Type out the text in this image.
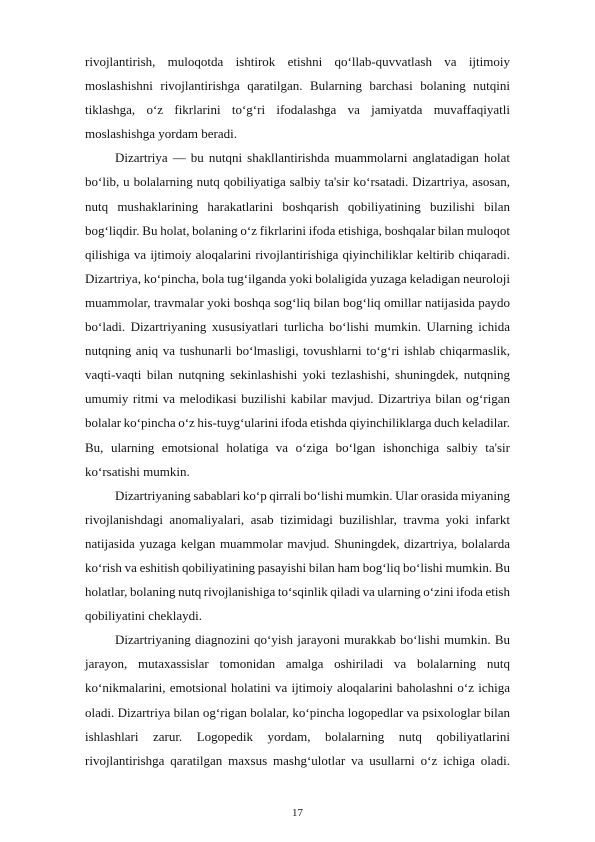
rivojlantirish, muloqotda ishtirok etishni qo‘llab-quvvatlash va ijtimoiy
moslashishni rivojlantirishga qaratilgan. Bularning barchasi bolaning nutqini
tiklashga, o‘z fikrlarini to‘g‘ri ifodalashga va jamiyatda muvaffaqiyatli
moslashishga yordam beradi.
Dizartriya — bu nutqni shakllantirishda muammolarni anglatadigan holat
bo‘lib, u bolalarning nutq qobiliyatiga salbiy ta'sir ko‘rsatadi. Dizartriya, asosan,
nutq mushaklarining harakatlarini boshqarish qobiliyatining buzilishi bilan
bog‘liqdir. Bu holat, bolaning o‘z fikrlarini ifoda etishiga, boshqalar bilan muloqot
qilishiga va ijtimoiy aloqalarini rivojlantirishiga qiyinchiliklar keltirib chiqaradi.
Dizartriya, ko‘pincha, bola tug‘ilganda yoki bolaligida yuzaga keladigan neuroloji
muammolar, travmalar yoki boshqa sog‘liq bilan bog‘liq omillar natijasida paydo
bo‘ladi. Dizartriyaning xususiyatlari turlicha bo‘lishi mumkin. Ularning ichida
nutqning aniq va tushunarli bo‘lmasligi, tovushlarni to‘g‘ri ishlab chiqarmaslik,
vaqti-vaqti bilan nutqning sekinlashishi yoki tezlashishi, shuningdek, nutqning
umumiy ritmi va melodikasi buzilishi kabilar mavjud. Dizartriya bilan og‘rigan
bolalar ko‘pincha o‘z his-tuyg‘ularini ifoda etishda qiyinchiliklarga duch keladilar.
Bu, ularning emotsional holatiga va o‘ziga bo‘lgan ishonchiga salbiy ta'sir
ko‘rsatishi mumkin.
Dizartriyaning sabablari ko‘p qirrali bo‘lishi mumkin. Ular orasida miyaning
rivojlanishdagi anomaliyalari, asab tizimidagi buzilishlar, travma yoki infarkt
natijasida yuzaga kelgan muammolar mavjud. Shuningdek, dizartriya, bolalarda
ko‘rish va eshitish qobiliyatining pasayishi bilan ham bog‘liq bo‘lishi mumkin. Bu
holatlar, bolaning nutq rivojlanishiga to‘sqinlik qiladi va ularning o‘zini ifoda etish
qobiliyatini cheklaydi.
Dizartriyaning diagnozini qo‘yish jarayoni murakkab bo‘lishi mumkin. Bu
jarayon, mutaxassislar tomonidan amalga oshiriladi va bolalarning nutq
ko‘nikmalarini, emotsional holatini va ijtimoiy aloqalarini baholashni o‘z ichiga
oladi. Dizartriya bilan og‘rigan bolalar, ko‘pincha logopedlar va psixologlar bilan
ishlashlari zarur. Logopedik yordam, bolalarning nutq qobiliyatlarini
rivojlantirishga qaratilgan maxsus mashg‘ulotlar va usullarni o‘z ichiga oladi.
17
